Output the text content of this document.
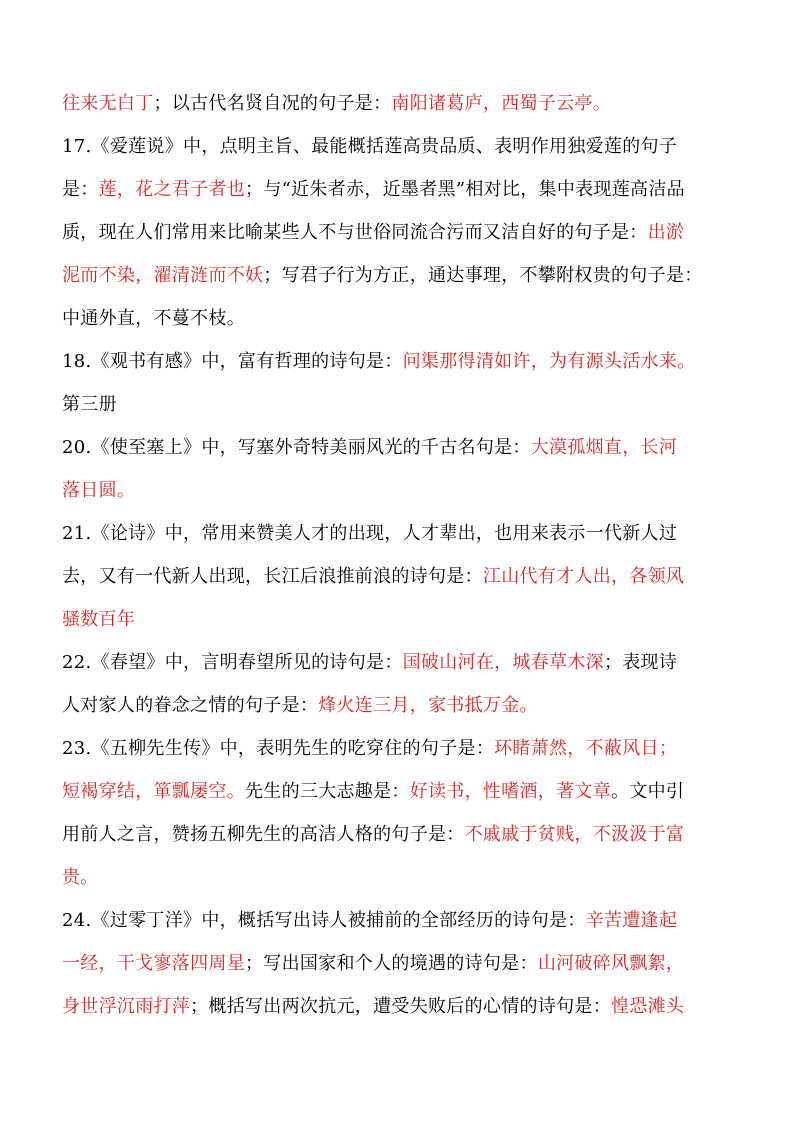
往来无白丁；以古代名贤自况的句子是：南阳诸葛庐，西蜀子云亭。
17.《爱莲说》中，点明主旨、最能概括莲高贵品质、表明作用独爱莲的句子
是：莲，花之君子者也；与“近朱者赤，近墨者黑”相对比，集中表现莲高洁品
质，现在人们常用来比喻某些人不与世俗同流合污而又洁自好的句子是：出淤
泥而不染，濯清涟而不妖；写君子行为方正，通达事理，不攀附权贵的句子是：
中通外直，不蔓不枝。
18.《观书有感》中，富有哲理的诗句是：问渠那得清如许，为有源头活水来。
第三册
20.《使至塞上》中，写塞外奇特美丽风光的千古名句是：大漠孤烟直，长河
落日圆。
21.《论诗》中，常用来赞美人才的出现，人才辈出，也用来表示一代新人过
去，又有一代新人出现，长江后浪推前浪的诗句是：江山代有才人出，各领风
骚数百年
22.《春望》中，言明春望所见的诗句是：国破山河在，城春草木深；表现诗
人对家人的眷念之情的句子是：烽火连三月，家书抵万金。
23.《五柳先生传》中，表明先生的吃穿住的句子是：环睹萧然，不蔽风日；
短褐穿结，箪瓢屡空。先生的三大志趣是：好读书，性嗜酒，著文章。文中引
用前人之言，赞扬五柳先生的高洁人格的句子是：不戚戚于贫贱，不汲汲于富
贵。
24.《过零丁洋》中，概括写出诗人被捕前的全部经历的诗句是：辛苦遭逢起
一经，干戈寥落四周星；写出国家和个人的境遇的诗句是：山河破碎风飘絮，
身世浮沉雨打萍；概括写出两次抗元，遭受失败后的心情的诗句是：惶恐滩头
